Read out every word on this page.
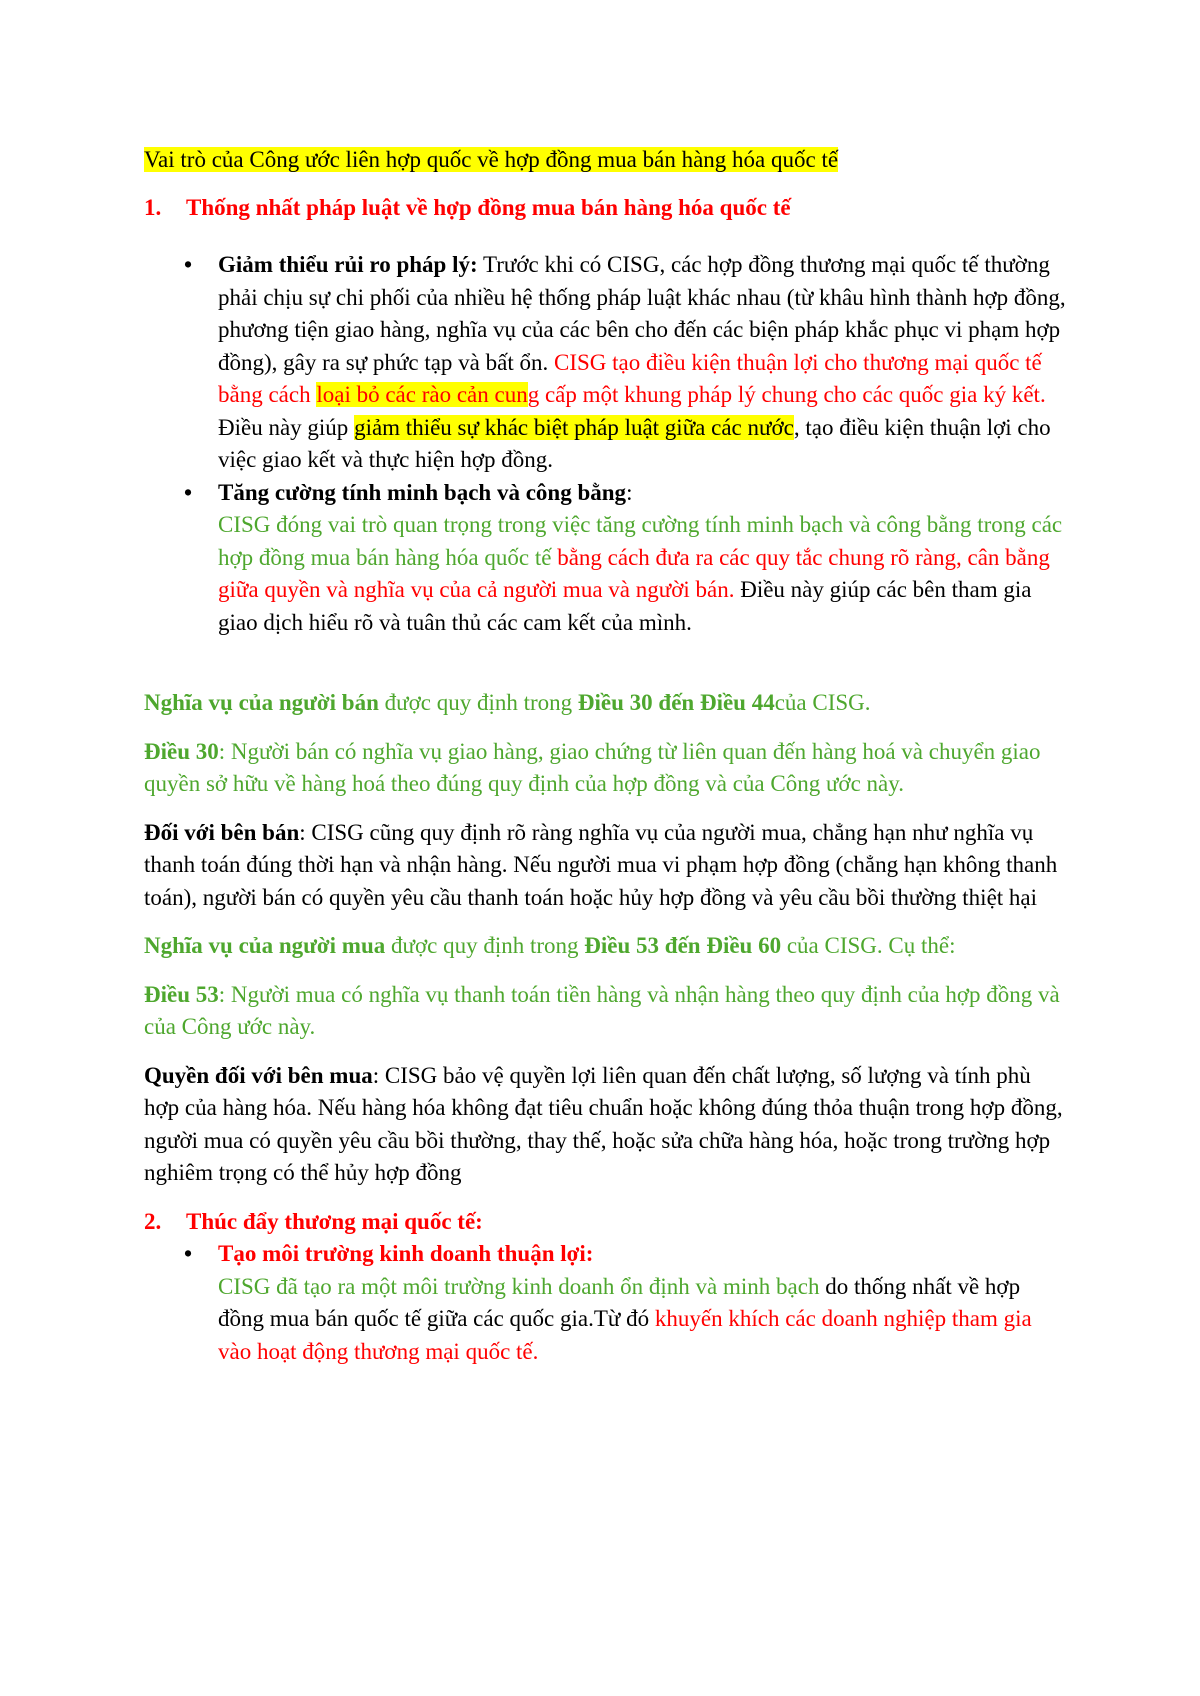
Vai trò của Công ước liên hợp quốc về hợp đồng mua bán hàng hóa quốc tế

1. Thống nhất pháp luật về hợp đồng mua bán hàng hóa quốc tế

• Giảm thiểu rủi ro pháp lý: Trước khi có CISG, các hợp đồng thương mại quốc tế thường phải chịu sự chi phối của nhiều hệ thống pháp luật khác nhau (từ khâu hình thành hợp đồng, phương tiện giao hàng, nghĩa vụ của các bên cho đến các biện pháp khắc phục vi phạm hợp đồng), gây ra sự phức tạp và bất ổn. CISG tạo điều kiện thuận lợi cho thương mại quốc tế bằng cách loại bỏ các rào cản cung cấp một khung pháp lý chung cho các quốc gia ký kết. Điều này giúp giảm thiểu sự khác biệt pháp luật giữa các nước, tạo điều kiện thuận lợi cho việc giao kết và thực hiện hợp đồng.
• Tăng cường tính minh bạch và công bằng:
CISG đóng vai trò quan trọng trong việc tăng cường tính minh bạch và công bằng trong các hợp đồng mua bán hàng hóa quốc tế bằng cách đưa ra các quy tắc chung rõ ràng, cân bằng giữa quyền và nghĩa vụ của cả người mua và người bán. Điều này giúp các bên tham gia giao dịch hiểu rõ và tuân thủ các cam kết của mình.

Nghĩa vụ của người bán được quy định trong Điều 30 đến Điều 44của CISG.

Điều 30: Người bán có nghĩa vụ giao hàng, giao chứng từ liên quan đến hàng hoá và chuyển giao quyền sở hữu về hàng hoá theo đúng quy định của hợp đồng và của Công ước này.

Đối với bên bán: CISG cũng quy định rõ ràng nghĩa vụ của người mua, chẳng hạn như nghĩa vụ thanh toán đúng thời hạn và nhận hàng. Nếu người mua vi phạm hợp đồng (chẳng hạn không thanh toán), người bán có quyền yêu cầu thanh toán hoặc hủy hợp đồng và yêu cầu bồi thường thiệt hại

Nghĩa vụ của người mua được quy định trong Điều 53 đến Điều 60 của CISG. Cụ thể:

Điều 53: Người mua có nghĩa vụ thanh toán tiền hàng và nhận hàng theo quy định của hợp đồng và của Công ước này.

Quyền đối với bên mua: CISG bảo vệ quyền lợi liên quan đến chất lượng, số lượng và tính phù hợp của hàng hóa. Nếu hàng hóa không đạt tiêu chuẩn hoặc không đúng thỏa thuận trong hợp đồng, người mua có quyền yêu cầu bồi thường, thay thế, hoặc sửa chữa hàng hóa, hoặc trong trường hợp nghiêm trọng có thể hủy hợp đồng

2. Thúc đẩy thương mại quốc tế:

• Tạo môi trường kinh doanh thuận lợi:
CISG đã tạo ra một môi trường kinh doanh ổn định và minh bạch do thống nhất về hợp đồng mua bán quốc tế giữa các quốc gia.Từ đó khuyến khích các doanh nghiệp tham gia vào hoạt động thương mại quốc tế.
